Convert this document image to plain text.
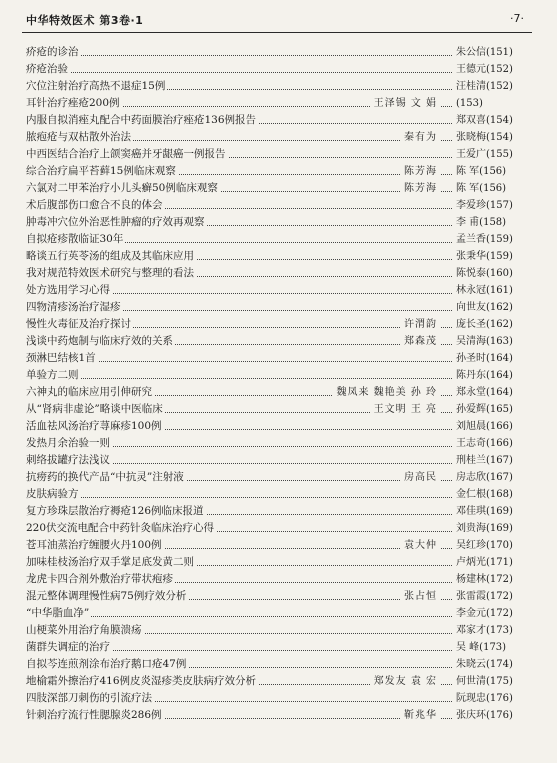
中华特效医术 第3卷·1	·7·
疥疮的诊治	朱公信(151)
疥疮治验	王德元(152)
穴位注射治疗高热不退症15例	汪桂清(152)
耳针治疗痤疮200例	王泽锡 文 娟	(153)
内服自拟消痤丸配合中药面膜治疗痤疮136例报告	郑双喜(154)
脓疱疮与双枯散外治法	秦有为	张晓梅(154)
中西医结合治疗上颌窦癌并牙龈癌一例报告	王爱广(155)
综合治疗扁平苔藓15例临床观察	陈芳海	陈 军(156)
六氯对二甲苯治疗小儿头癣50例临床观察	陈芳海	陈 军(156)
术后腹部伤口愈合不良的体会	李爱珍(157)
肿毒冲穴位外治恶性肿瘤的疗效再观察	李 甫(158)
自拟疮疹散临证30年	孟兰香(159)
略谈五行英苓汤的组成及其临床应用	张秉华(159)
我对规范特效医术研究与整理的看法	陈悦泰(160)
处方选用学习心得	林永冠(161)
四物清疹汤治疗湿疹	向世友(162)
慢性火毒征及治疗探讨	许渭韵	庞长圣(162)
浅谈中药炮制与临床疗效的关系	郑森茂	吴清海(163)
颈淋巴结核1首	孙圣时(164)
单验方二则	陈丹东(164)
六神丸的临床应用引伸研究	魏凤来 魏艳美 孙 玲	郑永堂(164)
从“肾病非虚论”略谈中医临床	王文明 王 亮	孙爱辉(165)
活血祛风汤治疗荨麻疹100例	刘旭晨(166)
发热月余治验一则	王志奇(166)
刺络拔罐疗法浅议	刑桂兰(167)
抗痨药的换代产品“中抗灵”注射液	房高民	房志欣(167)
皮肤病验方	金仁根(168)
复方珍珠层散治疗褥疮126例临床报道	邓佳琪(169)
220伏交流电配合中药针灸临床治疗心得	刘贵海(169)
苍耳油蒸治疗缠腰火丹100例	袁大仲	吴红珍(170)
加味桂枝汤治疗双手掌足底发黄二则	卢炳光(171)
龙虎卡四合剂外敷治疗带状疱疹	杨建林(172)
混元整体调理慢性病75例疗效分析	张占恒	张雷霞(172)
“中华脂血净”	李金元(172)
山梗菜外用治疗角膜溃疡	邓家才(173)
菌群失调症的治疗	吴 峰(173)
自拟芩连煎剂涂布治疗鹅口疮47例	朱晓云(174)
地榆霜外擦治疗416例皮炎湿疹类皮肤病疗效分析	郑发友 袁 宏	何世清(175)
四肢深部刀刺伤的引流疗法	阮现忠(176)
针刺治疗流行性腮腺炎286例	靳兆华	张庆环(176)
